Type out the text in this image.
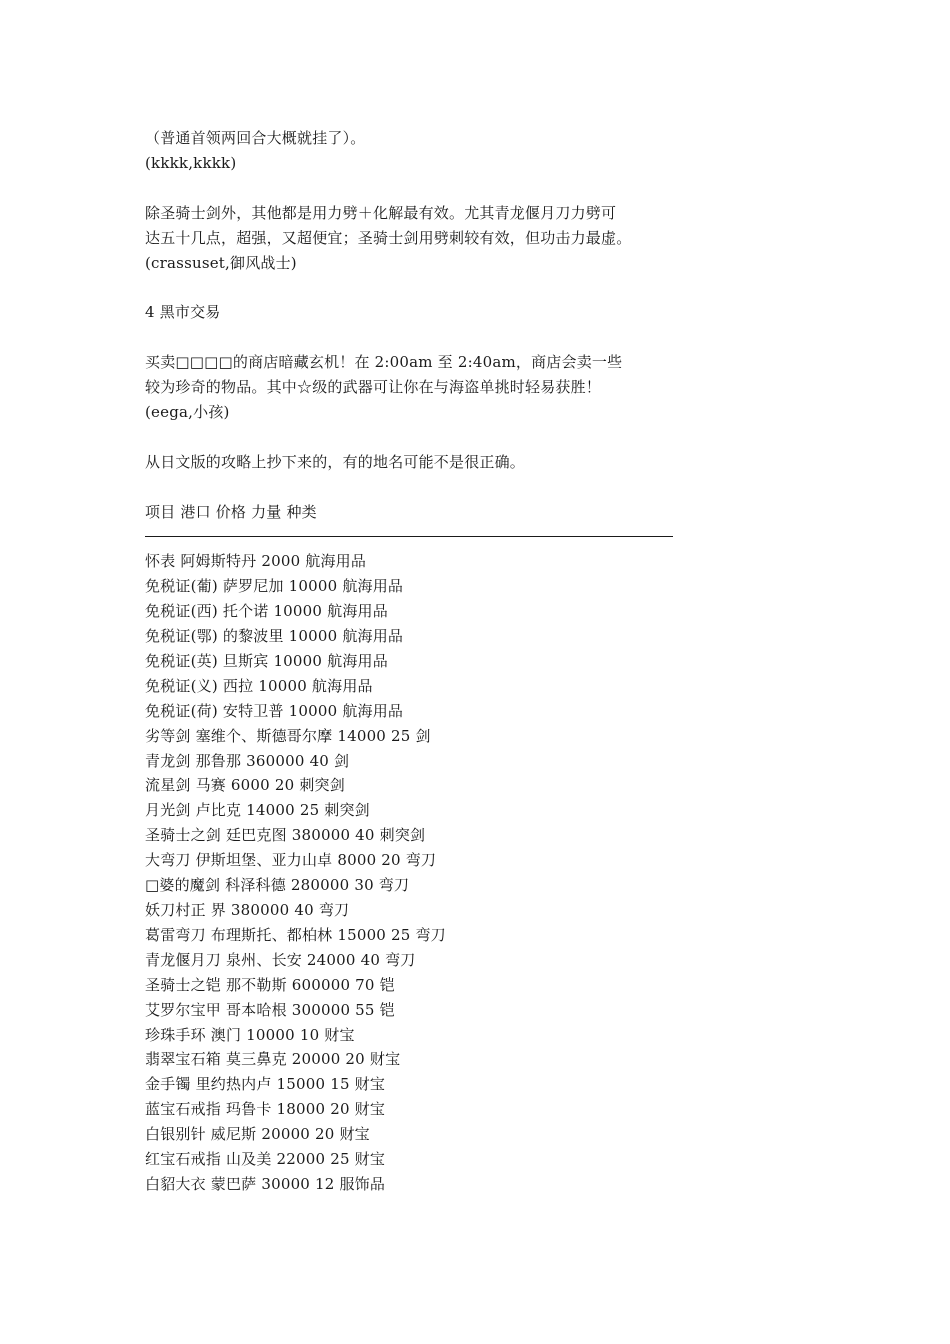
（普通首领两回合大概就挂了）。
(kkkk,kkkk)
除圣骑士剑外，其他都是用力劈＋化解最有效。尤其青龙偃月刀力劈可
达五十几点，超强，又超便宜；圣骑士剑用劈刺较有效，但功击力最虚。
(crassuset,御风战士)
4 黑市交易
买卖□□□□的商店暗藏玄机！在 2:00am 至 2:40am，商店会卖一些
较为珍奇的物品。其中☆级的武器可让你在与海盗单挑时轻易获胜！
(eega,小孩)
从日文版的攻略上抄下来的，有的地名可能不是很正确。
项目 港口 价格 力量 种类
怀表 阿姆斯特丹 2000 航海用品
免税证(葡) 萨罗尼加 10000 航海用品
免税证(西) 托个诺 10000 航海用品
免税证(鄂) 的黎波里 10000 航海用品
免税证(英) 旦斯宾 10000 航海用品
免税证(义) 西拉 10000 航海用品
免税证(荷) 安特卫普 10000 航海用品
劣等剑 塞维个、斯德哥尔摩 14000 25 剑
青龙剑 那鲁那 360000 40 剑
流星剑 马赛 6000 20 刺突剑
月光剑 卢比克 14000 25 刺突剑
圣骑士之剑 廷巴克图 380000 40 刺突剑
大弯刀 伊斯坦堡、亚力山卓 8000 20 弯刀
□婆的魔剑 科泽科德 280000 30 弯刀
妖刀村正 界 380000 40 弯刀
葛雷弯刀 布理斯托、都柏林 15000 25 弯刀
青龙偃月刀 泉州、长安 24000 40 弯刀
圣骑士之铠 那不勒斯 600000 70 铠
艾罗尔宝甲 哥本哈根 300000 55 铠
珍珠手环 澳门 10000 10 财宝
翡翠宝石箱 莫三鼻克 20000 20 财宝
金手镯 里约热内卢 15000 15 财宝
蓝宝石戒指 玛鲁卡 18000 20 财宝
白银别针 威尼斯 20000 20 财宝
红宝石戒指 山及美 22000 25 财宝
白貂大衣 蒙巴萨 30000 12 服饰品
